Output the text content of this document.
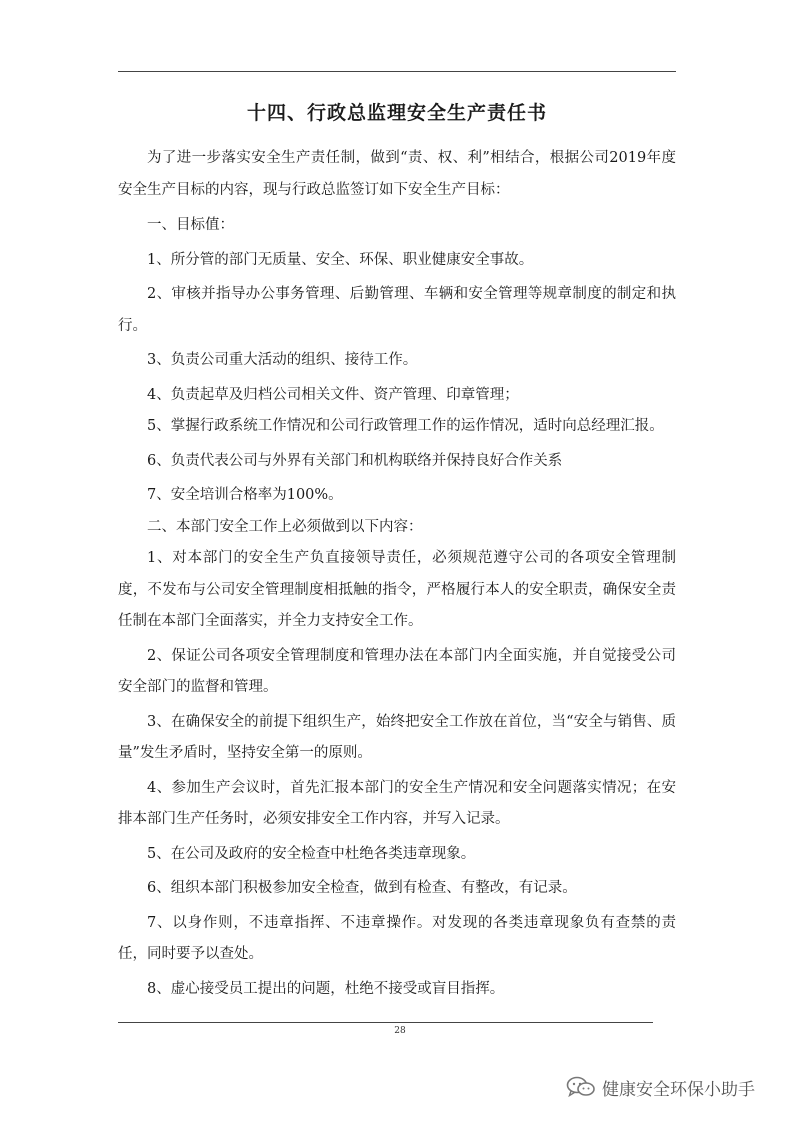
十四、行政总监理安全生产责任书

为了进一步落实安全生产责任制，做到“责、权、利”相结合，根据公司2019年度安全生产目标的内容，现与行政总监签订如下安全生产目标：

一、目标值：

1、所分管的部门无质量、安全、环保、职业健康安全事故。

2、审核并指导办公事务管理、后勤管理、车辆和安全管理等规章制度的制定和执行。

3、负责公司重大活动的组织、接待工作。

4、负责起草及归档公司相关文件、资产管理、印章管理；

5、掌握行政系统工作情况和公司行政管理工作的运作情况，适时向总经理汇报。

6、负责代表公司与外界有关部门和机构联络并保持良好合作关系

7、安全培训合格率为100%。

二、本部门安全工作上必须做到以下内容：

1、对本部门的安全生产负直接领导责任，必须规范遵守公司的各项安全管理制度，不发布与公司安全管理制度相抵触的指令，严格履行本人的安全职责，确保安全责任制在本部门全面落实，并全力支持安全工作。

2、保证公司各项安全管理制度和管理办法在本部门内全面实施，并自觉接受公司安全部门的监督和管理。

3、在确保安全的前提下组织生产，始终把安全工作放在首位，当“安全与销售、质量”发生矛盾时，坚持安全第一的原则。

4、参加生产会议时，首先汇报本部门的安全生产情况和安全问题落实情况；在安排本部门生产任务时，必须安排安全工作内容，并写入记录。

5、在公司及政府的安全检查中杜绝各类违章现象。

6、组织本部门积极参加安全检查，做到有检查、有整改，有记录。

7、以身作则，不违章指挥、不违章操作。对发现的各类违章现象负有查禁的责任，同时要予以查处。

8、虚心接受员工提出的问题，杜绝不接受或盲目指挥。

28
健康安全环保小助手
